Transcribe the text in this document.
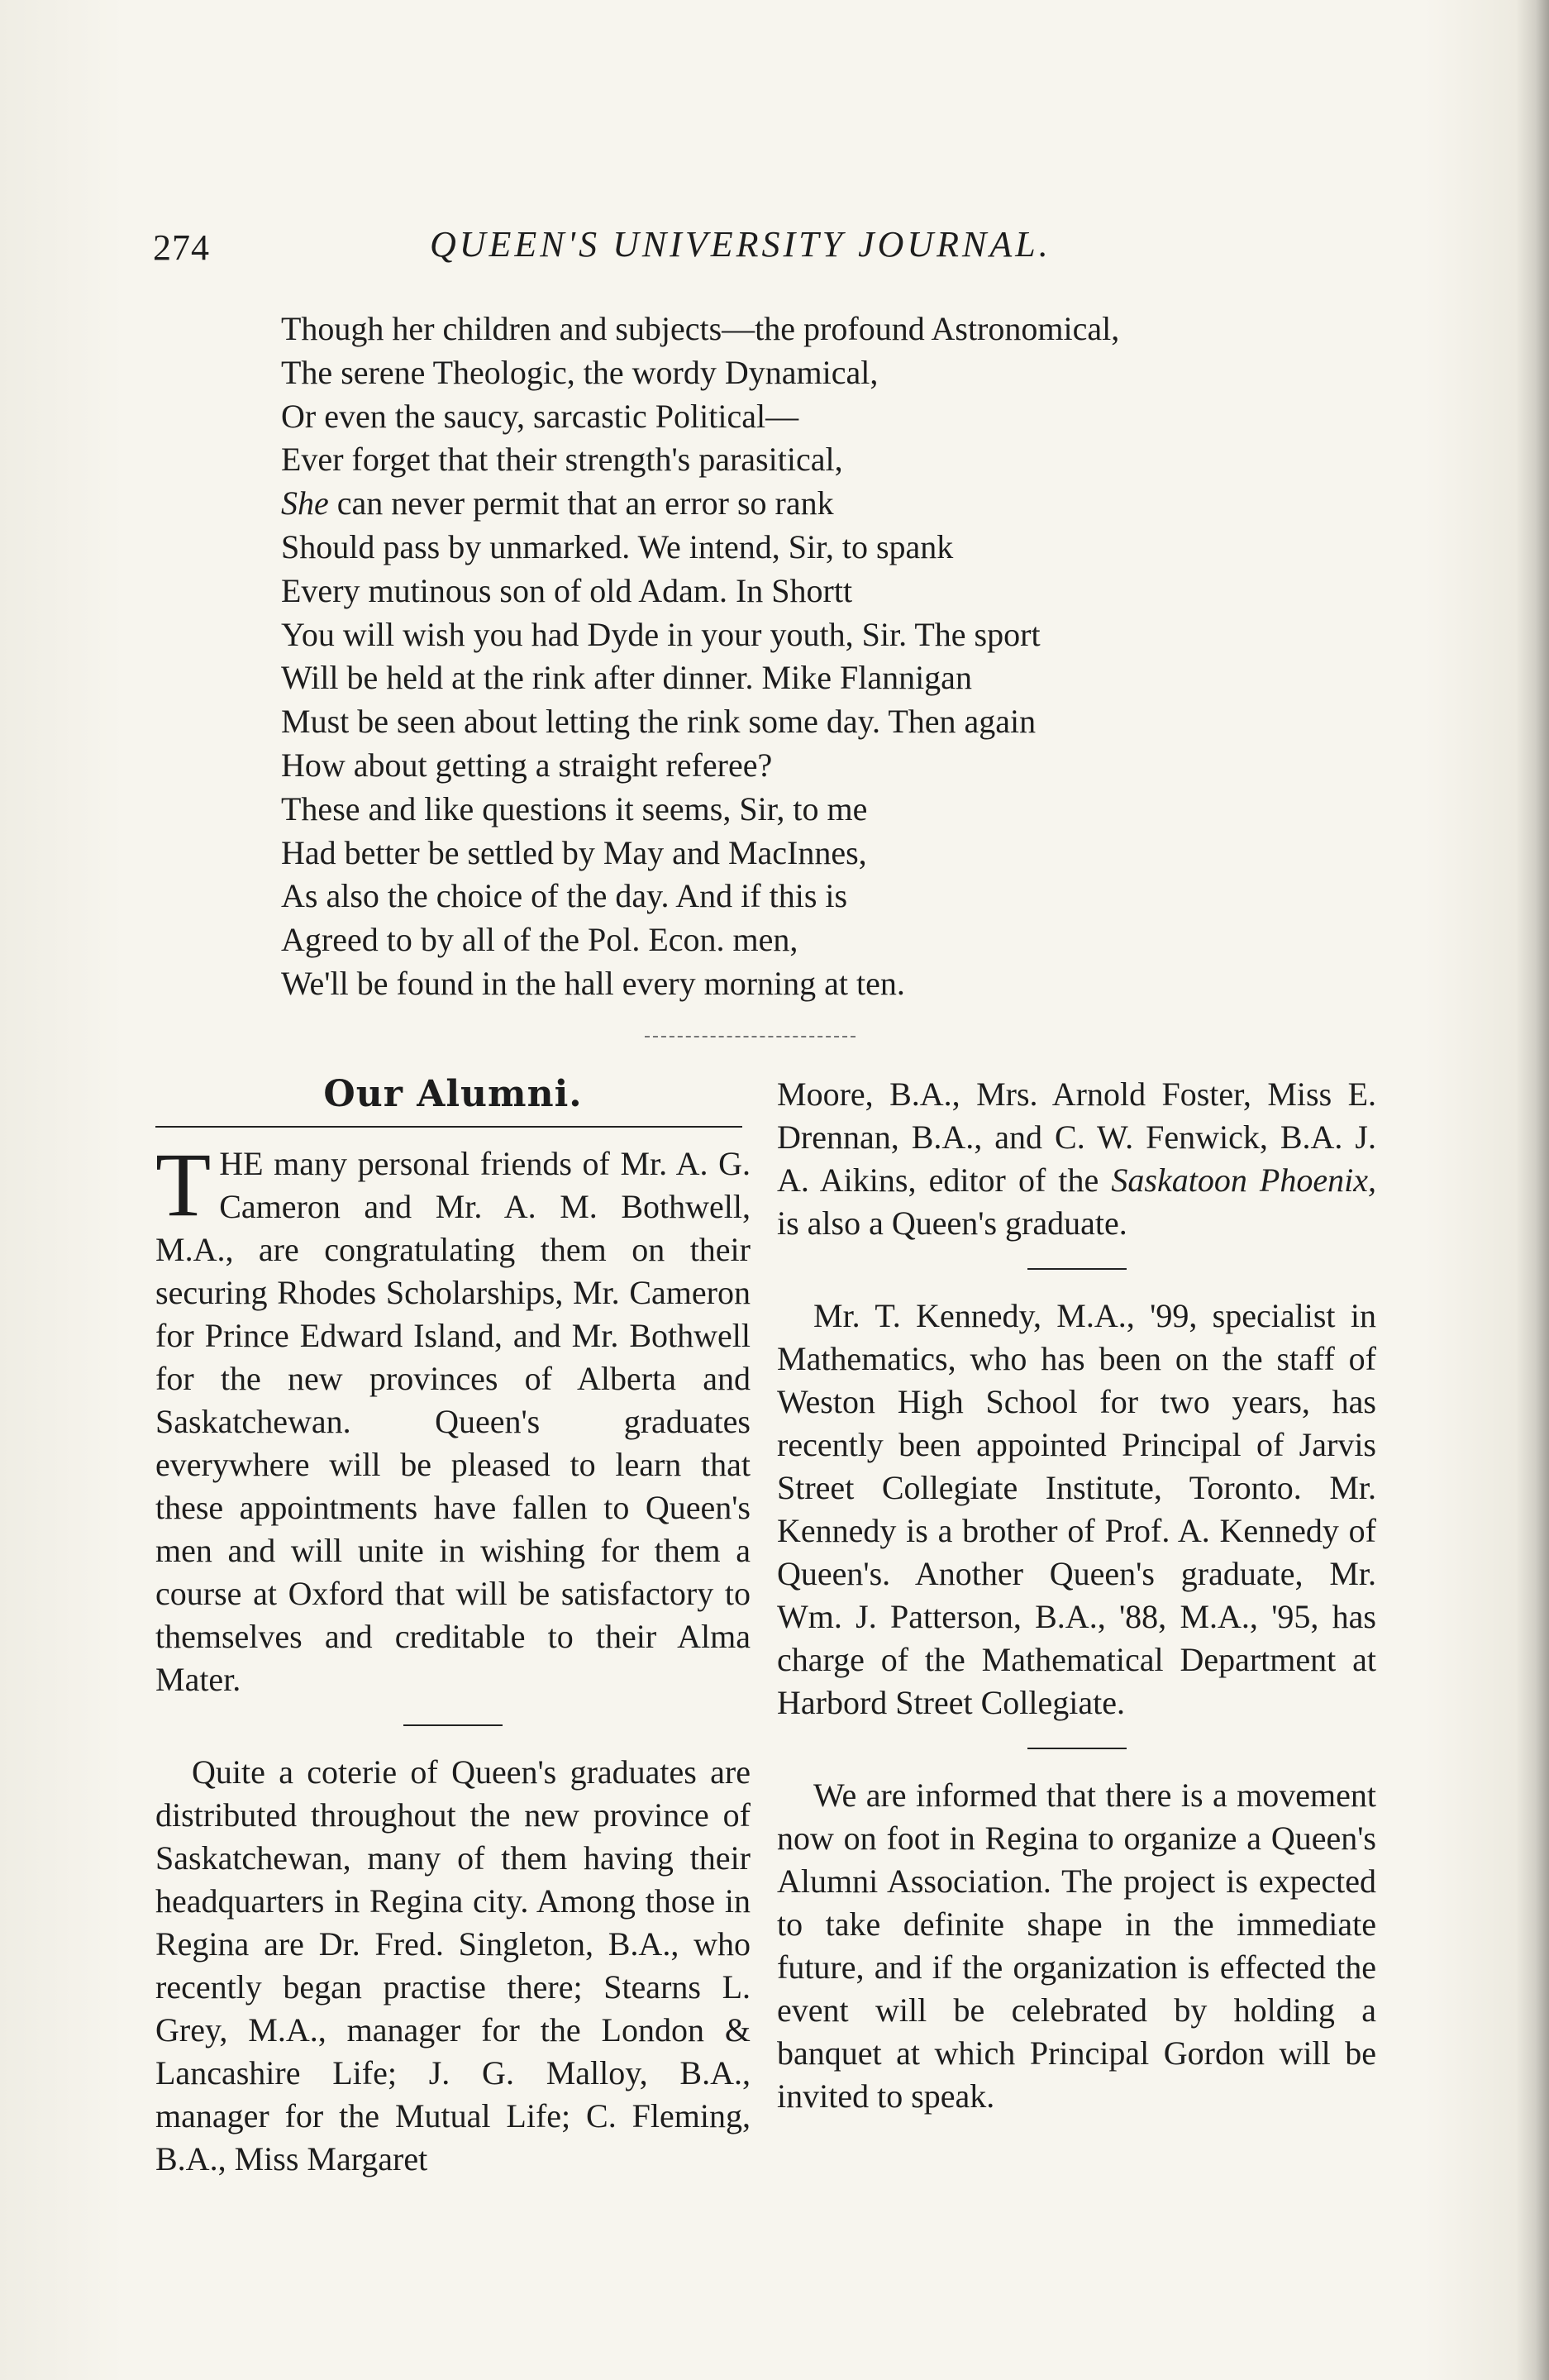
274	QUEEN'S UNIVERSITY JOURNAL.
Though her children and subjects—the profound Astronomical,
The serene Theologic, the wordy Dynamical,
Or even the saucy, sarcastic Political—
Ever forget that their strength's parasitical,
She can never permit that an error so rank
Should pass by unmarked. We intend, Sir, to spank
Every mutinous son of old Adam. In Shortt
You will wish you had Dyde in your youth, Sir. The sport
Will be held at the rink after dinner. Mike Flannigan
Must be seen about letting the rink some day. Then again
How about getting a straight referee?
These and like questions it seems, Sir, to me
Had better be settled by May and MacInnes,
As also the choice of the day. And if this is
Agreed to by all of the Pol. Econ. men,
We'll be found in the hall every morning at ten.
Our Alumni.

THE many personal friends of Mr. A. G. Cameron and Mr. A. M. Bothwell, M.A., are congratulating them on their securing Rhodes Scholarships, Mr. Cameron for Prince Edward Island, and Mr. Bothwell for the new provinces of Alberta and Saskatchewan. Queen's graduates everywhere will be pleased to learn that these appointments have fallen to Queen's men and will unite in wishing for them a course at Oxford that will be satisfactory to themselves and creditable to their Alma Mater.

Quite a coterie of Queen's graduates are distributed throughout the new province of Saskatchewan, many of them having their headquarters in Regina city. Among those in Regina are Dr. Fred. Singleton, B.A., who recently began practise there; Stearns L. Grey, M.A., manager for the London & Lancashire Life; J. G. Malloy, B.A., manager for the Mutual Life; C. Fleming, B.A., Miss Margaret

Moore, B.A., Mrs. Arnold Foster, Miss E. Drennan, B.A., and C. W. Fenwick, B.A. J. A. Aikins, editor of the Saskatoon Phoenix, is also a Queen's graduate.

Mr. T. Kennedy, M.A., '99, specialist in Mathematics, who has been on the staff of Weston High School for two years, has recently been appointed Principal of Jarvis Street Collegiate Institute, Toronto. Mr. Kennedy is a brother of Prof. A. Kennedy of Queen's. Another Queen's graduate, Mr. Wm. J. Patterson, B.A., '88, M.A., '95, has charge of the Mathematical Department at Harbord Street Collegiate.

We are informed that there is a movement now on foot in Regina to organize a Queen's Alumni Association. The project is expected to take definite shape in the immediate future, and if the organization is effected the event will be celebrated by holding a banquet at which Principal Gordon will be invited to speak.
